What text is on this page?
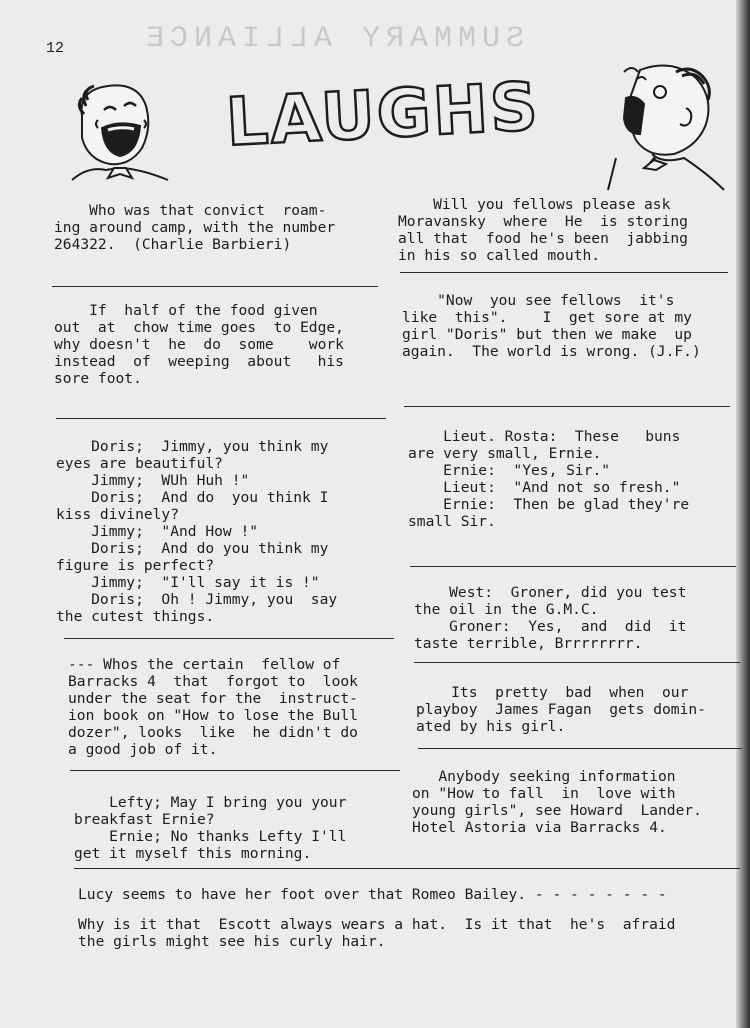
SUMMARY ALLIANCE
12
LAUGHS
Who was that convict  roam-
ing around camp, with the number
264322.  (Charlie Barbieri)
If  half of the food given
out  at  chow time goes  to Edge,
why doesn't  he  do  some    work
instead  of  weeping  about   his
sore foot.
Doris;  Jimmy, you think my
eyes are beautiful?
Jimmy;  WUh Huh !"
Doris;  And do  you think I
kiss divinely?
Jimmy;  "And How !"
Doris;  And do you think my
figure is perfect?
Jimmy;  "I'll say it is !"
Doris;  Oh ! Jimmy, you  say
the cutest things.
--- Whos the certain  fellow of
Barracks 4  that  forgot to  look
under the seat for the  instruct-
ion book on "How to lose the Bull
dozer", looks  like  he didn't do
a good job of it.
Lefty; May I bring you your
breakfast Ernie?
Ernie; No thanks Lefty I'll
get it myself this morning.
Will you fellows please ask
Moravansky  where  He  is storing
all that  food he's been  jabbing
in his so called mouth.
"Now  you see fellows  it's
like  this".    I  get sore at my
girl "Doris" but then we make  up
again.  The world is wrong. (J.F.)
Lieut. Rosta:  These   buns
are very small, Ernie.
Ernie:  "Yes, Sir."
Lieut:  "And not so fresh."
Ernie:  Then be glad they're
small Sir.
West:  Groner, did you test
the oil in the G.M.C.
Groner:  Yes,  and  did  it
taste terrible, Brrrrrrrr.
Its  pretty  bad  when  our
playboy  James Fagan  gets domin-
ated by his girl.
Anybody seeking information
on "How to fall  in  love with
young girls", see Howard  Lander.
Hotel Astoria via Barracks 4.
Lucy seems to have her foot over that Romeo Bailey. - - - - - - - -
Why is it that  Escott always wears a hat.  Is it that  he's  afraid
the girls might see his curly hair.
